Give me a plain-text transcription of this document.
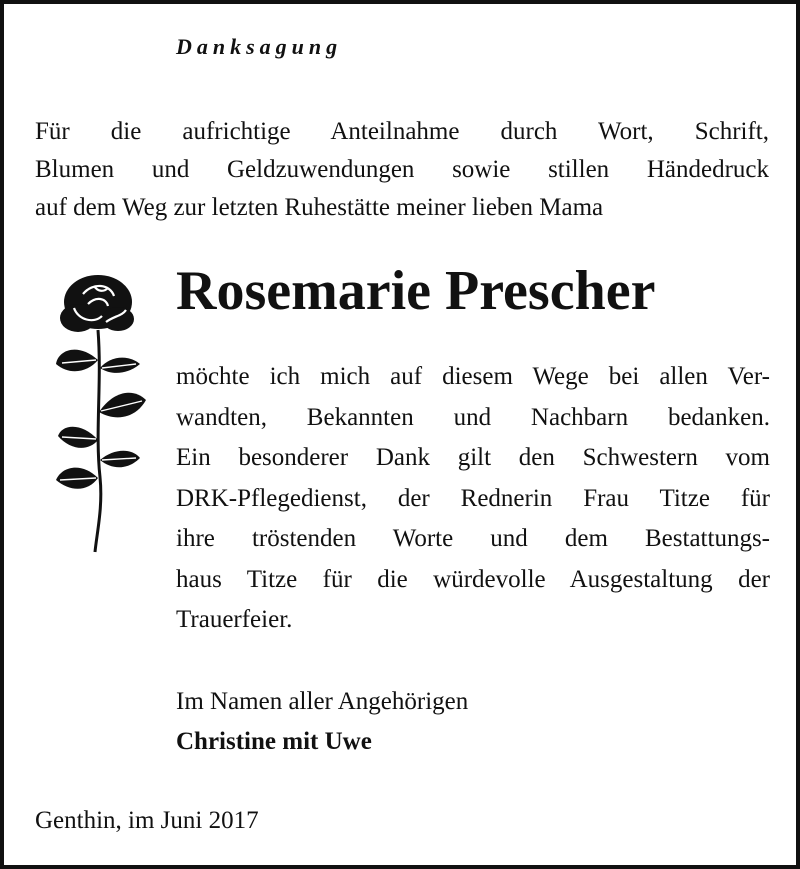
Danksagung

Für die aufrichtige Anteilnahme durch Wort, Schrift,
Blumen und Geldzuwendungen sowie stillen Händedruck
auf dem Weg zur letzten Ruhestätte meiner lieben Mama

Rosemarie Prescher

möchte ich mich auf diesem Wege bei allen Ver-
wandten, Bekannten und Nachbarn bedanken.
Ein besonderer Dank gilt den Schwestern vom
DRK-Pflegedienst, der Rednerin Frau Titze für
ihre tröstenden Worte und dem Bestattungs-
haus Titze für die würdevolle Ausgestaltung der
Trauerfeier.

Im Namen aller Angehörigen
Christine mit Uwe

Genthin, im Juni 2017
